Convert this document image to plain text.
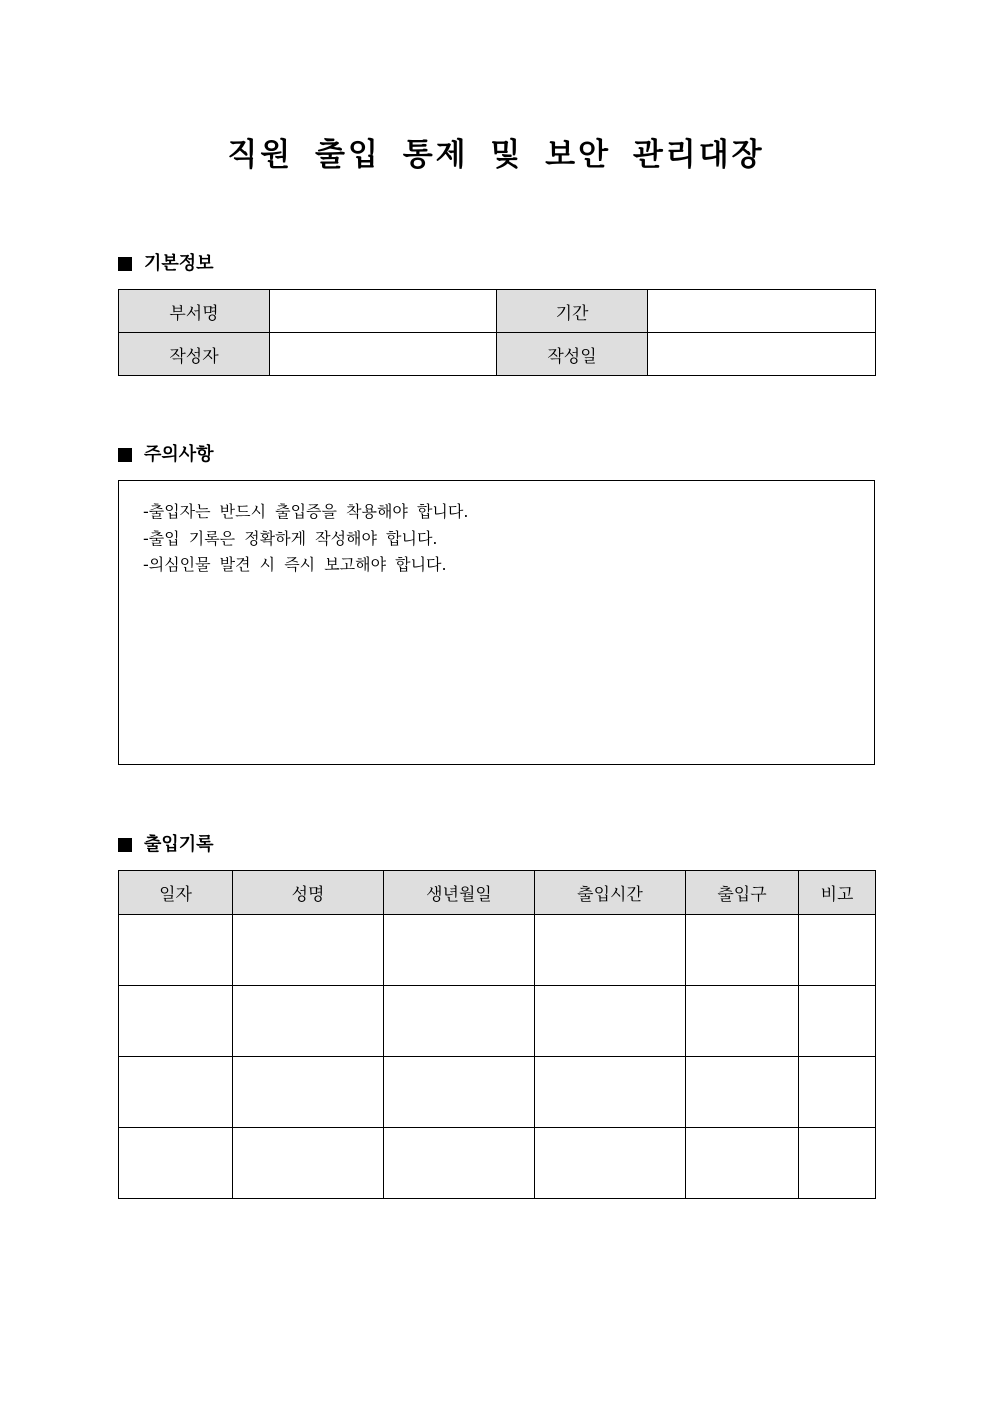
직원 출입 통제 및 보안 관리대장
기본정보
부서명		기간	
작성자		작성일	
주의사항
-출입자는 반드시 출입증을 착용해야 합니다.
-출입 기록은 정확하게 작성해야 합니다.
-의심인물 발견 시 즉시 보고해야 합니다.
출입기록
일자	성명	생년월일	출입시간	출입구	비고
